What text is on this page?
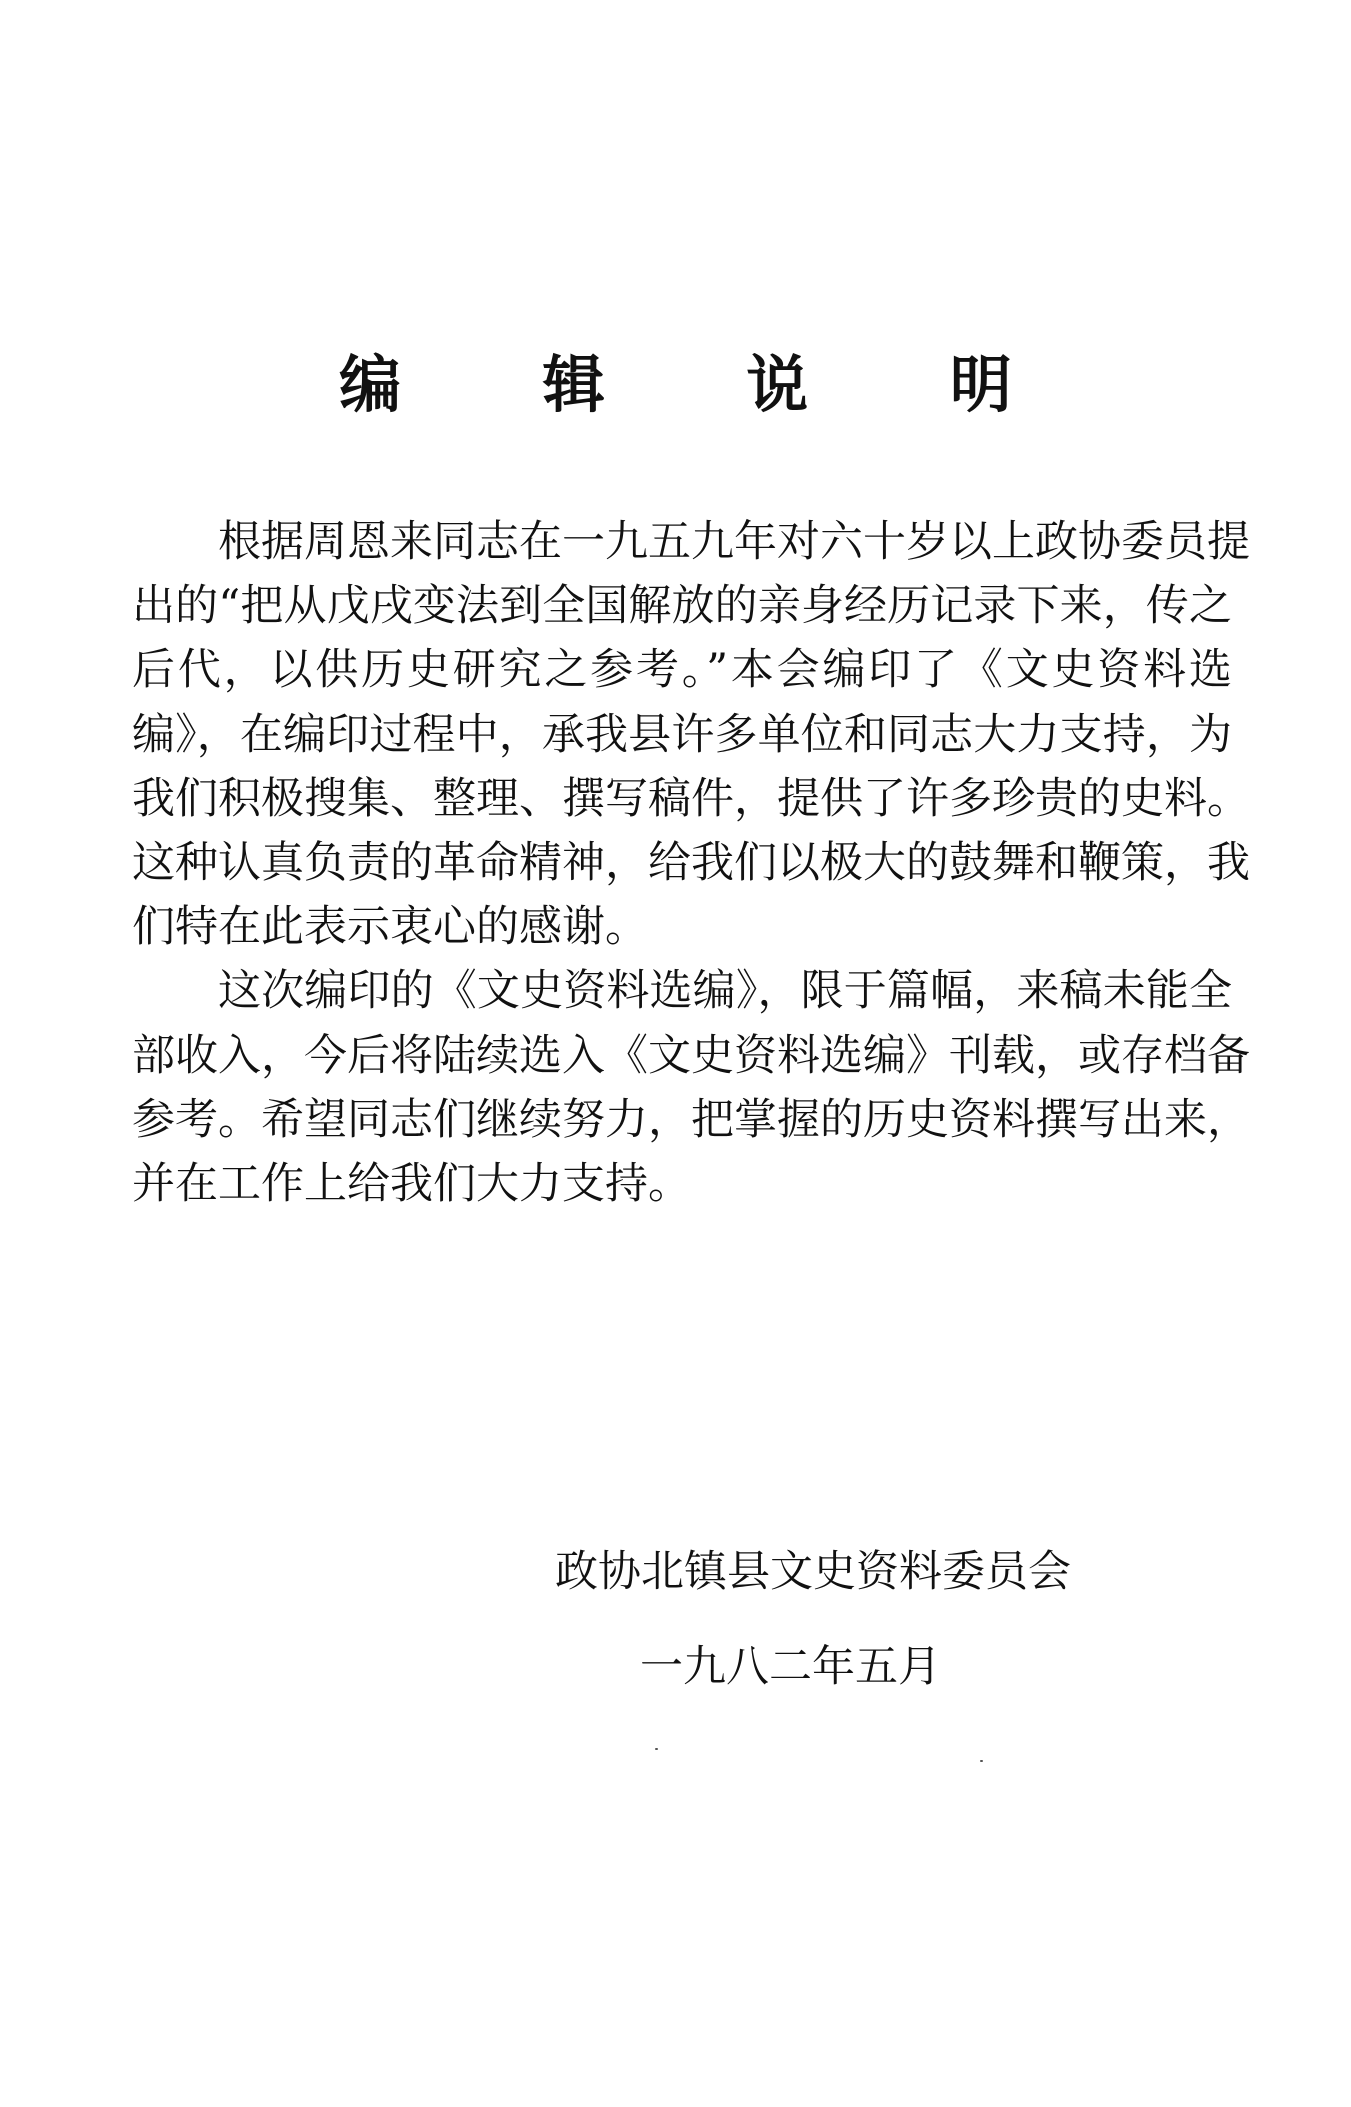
编 辑 说 明

根据周恩来同志在一九五九年对六十岁以上政协委员提
出的“把从戊戌变法到全国解放的亲身经历记录下来，传之
后代，以供历史研究之参考。”本会编印了《文史资料选
编》，在编印过程中，承我县许多单位和同志大力支持，为
我们积极搜集、整理、撰写稿件，提供了许多珍贵的史料。
这种认真负责的革命精神，给我们以极大的鼓舞和鞭策，我
们特在此表示衷心的感谢。

这次编印的《文史资料选编》，限于篇幅，来稿未能全
部收入，今后将陆续选入《文史资料选编》刊载，或存档备
参考。希望同志们继续努力，把掌握的历史资料撰写出来，
并在工作上给我们大力支持。

政协北镇县文史资料委员会
一九八二年五月
